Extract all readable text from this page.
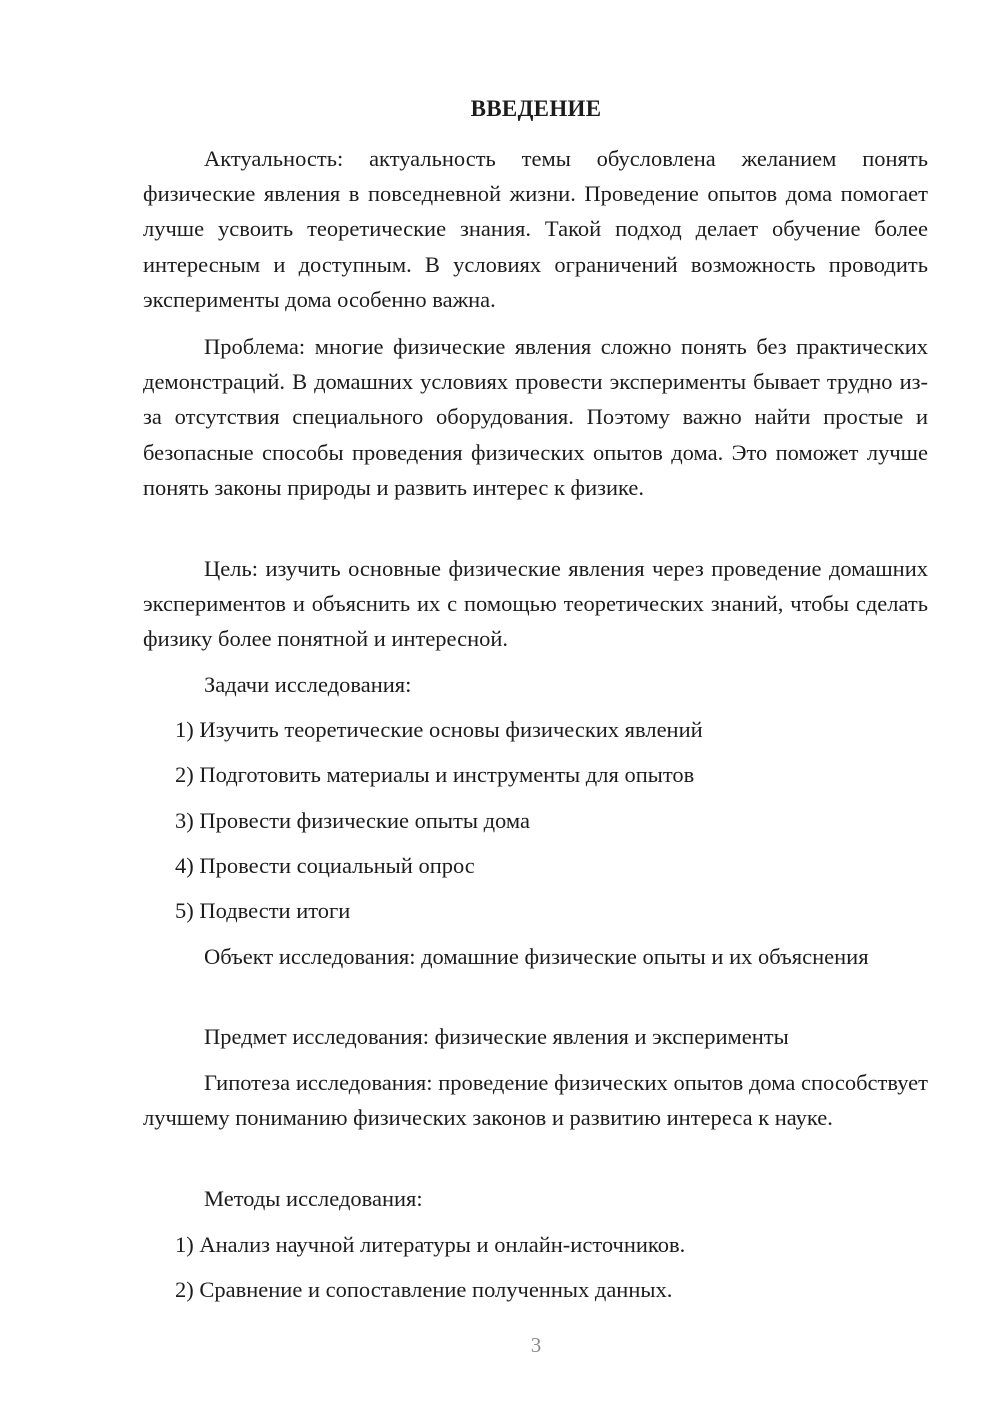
ВВЕДЕНИЕ

Актуальность: актуальность темы обусловлена желанием понять физические явления в повседневной жизни. Проведение опытов дома помогает лучше усвоить теоретические знания. Такой подход делает обучение более интересным и доступным. В условиях ограничений возможность проводить эксперименты дома особенно важна.

Проблема: многие физические явления сложно понять без практических демонстраций. В домашних условиях провести эксперименты бывает трудно из-за отсутствия специального оборудования. Поэтому важно найти простые и безопасные способы проведения физических опытов дома. Это поможет лучше понять законы природы и развить интерес к физике.

Цель: изучить основные физические явления через проведение домашних экспериментов и объяснить их с помощью теоретических знаний, чтобы сделать физику более понятной и интересной.

Задачи исследования:
1) Изучить теоретические основы физических явлений
2) Подготовить материалы и инструменты для опытов
3) Провести физические опыты дома
4) Провести социальный опрос
5) Подвести итоги

Объект исследования: домашние физические опыты и их объяснения

Предмет исследования: физические явления и эксперименты

Гипотеза исследования: проведение физических опытов дома способствует лучшему пониманию физических законов и развитию интереса к науке.

Методы исследования:
1) Анализ научной литературы и онлайн-источников.
2) Сравнение и сопоставление полученных данных.
3
